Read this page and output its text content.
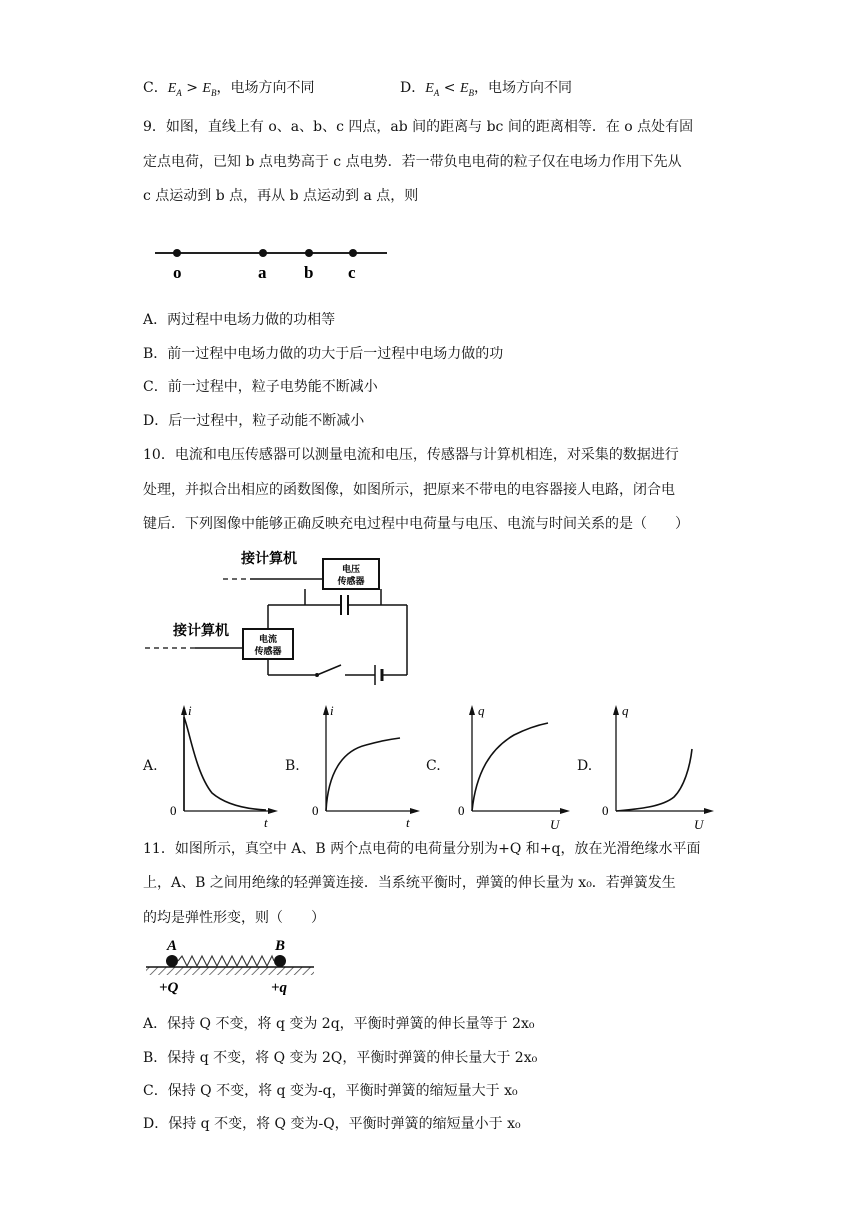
C．$E_A > E_B$，电场方向不同	D．$E_A < E_B$，电场方向不同
9．如图，直线上有 o、a、b、c 四点，ab 间的距离与 bc 间的距离相等．在 o 点处有固
定点电荷，已知 b 点电势高于 c 点电势．若一带负电电荷的粒子仅在电场力作用下先从
c 点运动到 b 点，再从 b 点运动到 a 点，则
o	a b c
A．两过程中电场力做的功相等
B．前一过程中电场力做的功大于后一过程中电场力做的功
C．前一过程中，粒子电势能不断减小
D．后一过程中，粒子动能不断减小
10．电流和电压传感器可以测量电流和电压，传感器与计算机相连，对采集的数据进行
处理，并拟合出相应的函数图像，如图所示，把原来不带电的电容器接人电路，闭合电
键后．下列图像中能够正确反映充电过程中电荷量与电压、电流与时间关系的是（　　）
接计算机
接计算机
电压
传感器
电流
传感器
A.
i
t
0
B.
i
t
0
C.
q
U
0
D.
q
U
0
11．如图所示，真空中 A、B 两个点电荷的电荷量分别为+Q 和+q，放在光滑绝缘水平面
上，A、B 之间用绝缘的轻弹簧连接．当系统平衡时，弹簧的伸长量为 x₀．若弹簧发生
的均是弹性形变，则（　　）
A	B
+Q	+q
A．保持 Q 不变，将 q 变为 2q，平衡时弹簧的伸长量等于 2x₀
B．保持 q 不变，将 Q 变为 2Q，平衡时弹簧的伸长量大于 2x₀
C．保持 Q 不变，将 q 变为-q，平衡时弹簧的缩短量大于 x₀
D．保持 q 不变，将 Q 变为-Q，平衡时弹簧的缩短量小于 x₀
